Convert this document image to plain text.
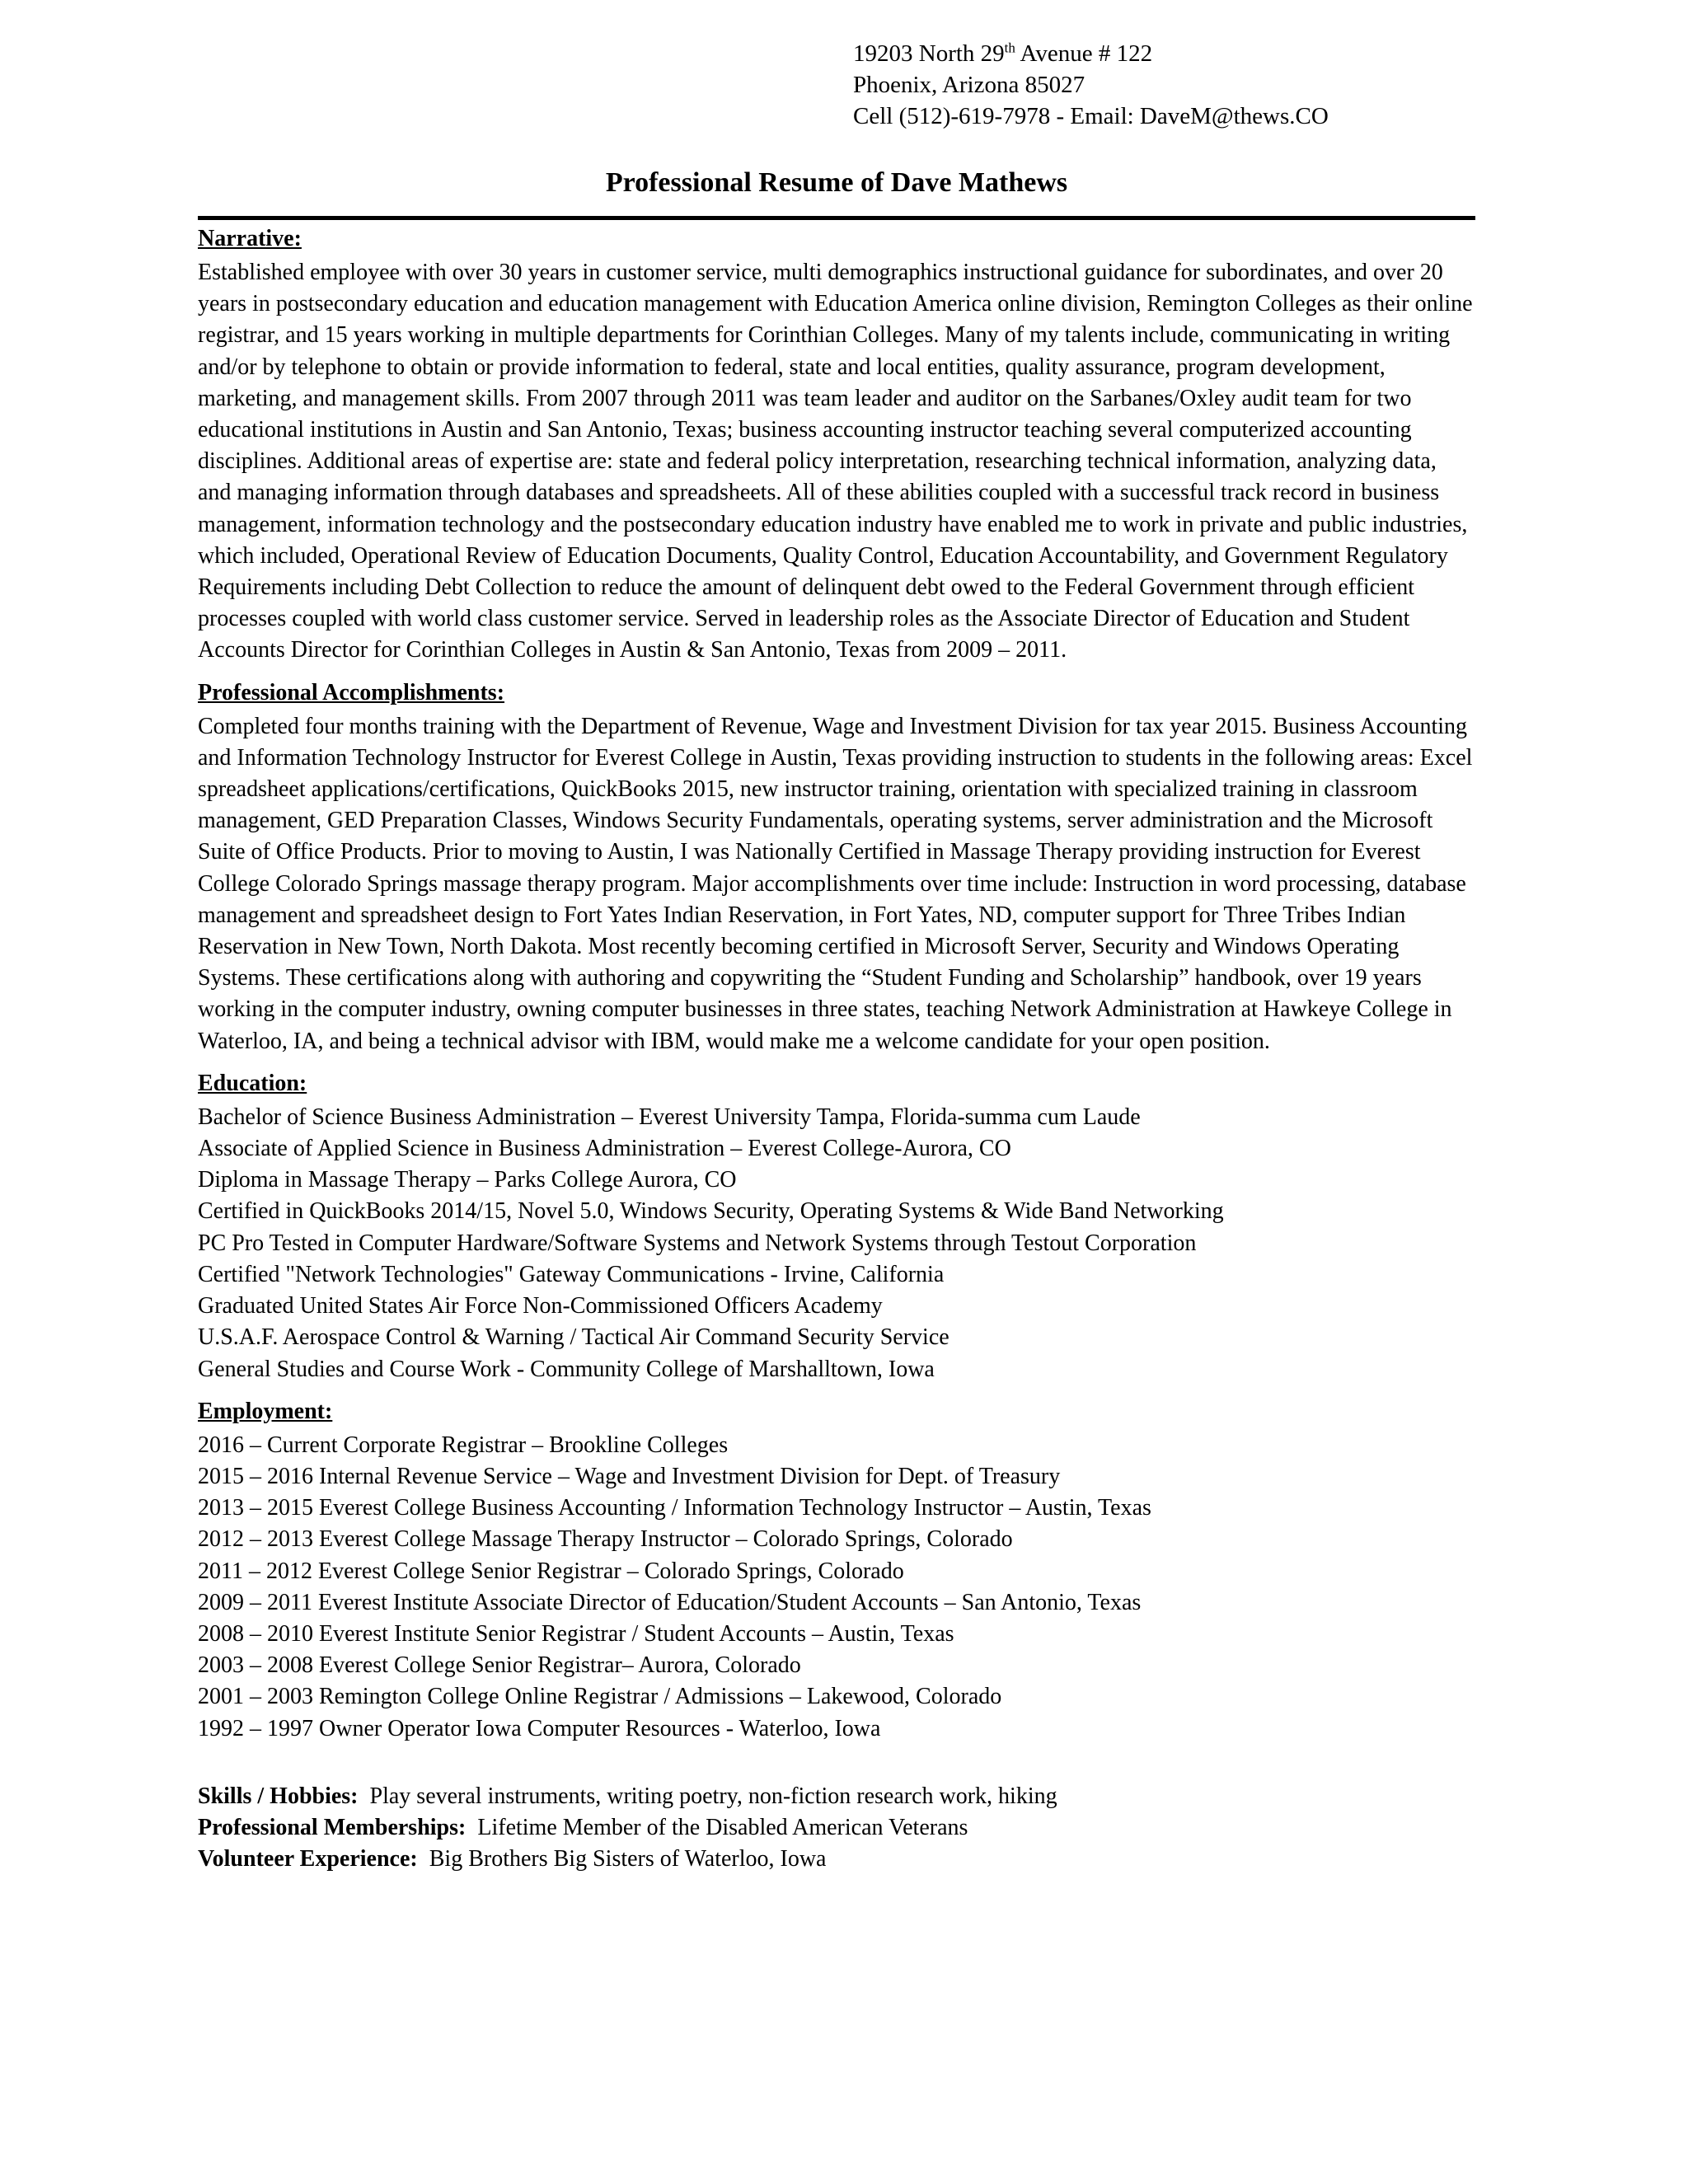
19203 North 29th Avenue # 122
Phoenix, Arizona 85027
Cell (512)-619-7978 - Email: DaveM@thews.CO
Professional Resume of Dave Mathews
Narrative:

Established employee with over 30 years in customer service, multi demographics instructional guidance for subordinates, and over 20 years in postsecondary education and education management with Education America online division, Remington Colleges as their online registrar, and 15 years working in multiple departments for Corinthian Colleges. Many of my talents include, communicating in writing and/or by telephone to obtain or provide information to federal, state and local entities, quality assurance, program development, marketing, and management skills. From 2007 through 2011 was team leader and auditor on the Sarbanes/Oxley audit team for two educational institutions in Austin and San Antonio, Texas; business accounting instructor teaching several computerized accounting disciplines. Additional areas of expertise are: state and federal policy interpretation, researching technical information, analyzing data, and managing information through databases and spreadsheets. All of these abilities coupled with a successful track record in business management, information technology and the postsecondary education industry have enabled me to work in private and public industries, which included, Operational Review of Education Documents, Quality Control, Education Accountability, and Government Regulatory Requirements including Debt Collection to reduce the amount of delinquent debt owed to the Federal Government through efficient processes coupled with world class customer service. Served in leadership roles as the Associate Director of Education and Student Accounts Director for Corinthian Colleges in Austin & San Antonio, Texas from 2009 – 2011.

Professional Accomplishments:

Completed four months training with the Department of Revenue, Wage and Investment Division for tax year 2015. Business Accounting and Information Technology Instructor for Everest College in Austin, Texas providing instruction to students in the following areas: Excel spreadsheet applications/certifications, QuickBooks 2015, new instructor training, orientation with specialized training in classroom management, GED Preparation Classes, Windows Security Fundamentals, operating systems, server administration and the Microsoft Suite of Office Products. Prior to moving to Austin, I was Nationally Certified in Massage Therapy providing instruction for Everest College Colorado Springs massage therapy program. Major accomplishments over time include: Instruction in word processing, database management and spreadsheet design to Fort Yates Indian Reservation, in Fort Yates, ND, computer support for Three Tribes Indian Reservation in New Town, North Dakota. Most recently becoming certified in Microsoft Server, Security and Windows Operating Systems. These certifications along with authoring and copywriting the “Student Funding and Scholarship” handbook, over 19 years working in the computer industry, owning computer businesses in three states, teaching Network Administration at Hawkeye College in Waterloo, IA, and being a technical advisor with IBM, would make me a welcome candidate for your open position.

Education:
Bachelor of Science Business Administration – Everest University Tampa, Florida-summa cum Laude
Associate of Applied Science in Business Administration – Everest College-Aurora, CO
Diploma in Massage Therapy – Parks College Aurora, CO
Certified in QuickBooks 2014/15, Novel 5.0, Windows Security, Operating Systems & Wide Band Networking
PC Pro Tested in Computer Hardware/Software Systems and Network Systems through Testout Corporation
Certified "Network Technologies" Gateway Communications - Irvine, California
Graduated United States Air Force Non-Commissioned Officers Academy
U.S.A.F. Aerospace Control & Warning / Tactical Air Command Security Service
General Studies and Course Work - Community College of Marshalltown, Iowa
Employment:
2016 – Current Corporate Registrar – Brookline Colleges
2015 – 2016 Internal Revenue Service – Wage and Investment Division for Dept. of Treasury
2013 – 2015 Everest College Business Accounting / Information Technology Instructor – Austin, Texas
2012 – 2013 Everest College Massage Therapy Instructor – Colorado Springs, Colorado
2011 – 2012 Everest College Senior Registrar – Colorado Springs, Colorado
2009 – 2011 Everest Institute Associate Director of Education/Student Accounts – San Antonio, Texas
2008 – 2010 Everest Institute Senior Registrar / Student Accounts – Austin, Texas
2003 – 2008 Everest College Senior Registrar– Aurora, Colorado
2001 – 2003 Remington College Online Registrar / Admissions – Lakewood, Colorado
1992 – 1997 Owner Operator Iowa Computer Resources - Waterloo, Iowa
Skills / Hobbies: Play several instruments, writing poetry, non-fiction research work, hiking
Professional Memberships: Lifetime Member of the Disabled American Veterans
Volunteer Experience: Big Brothers Big Sisters of Waterloo, Iowa
